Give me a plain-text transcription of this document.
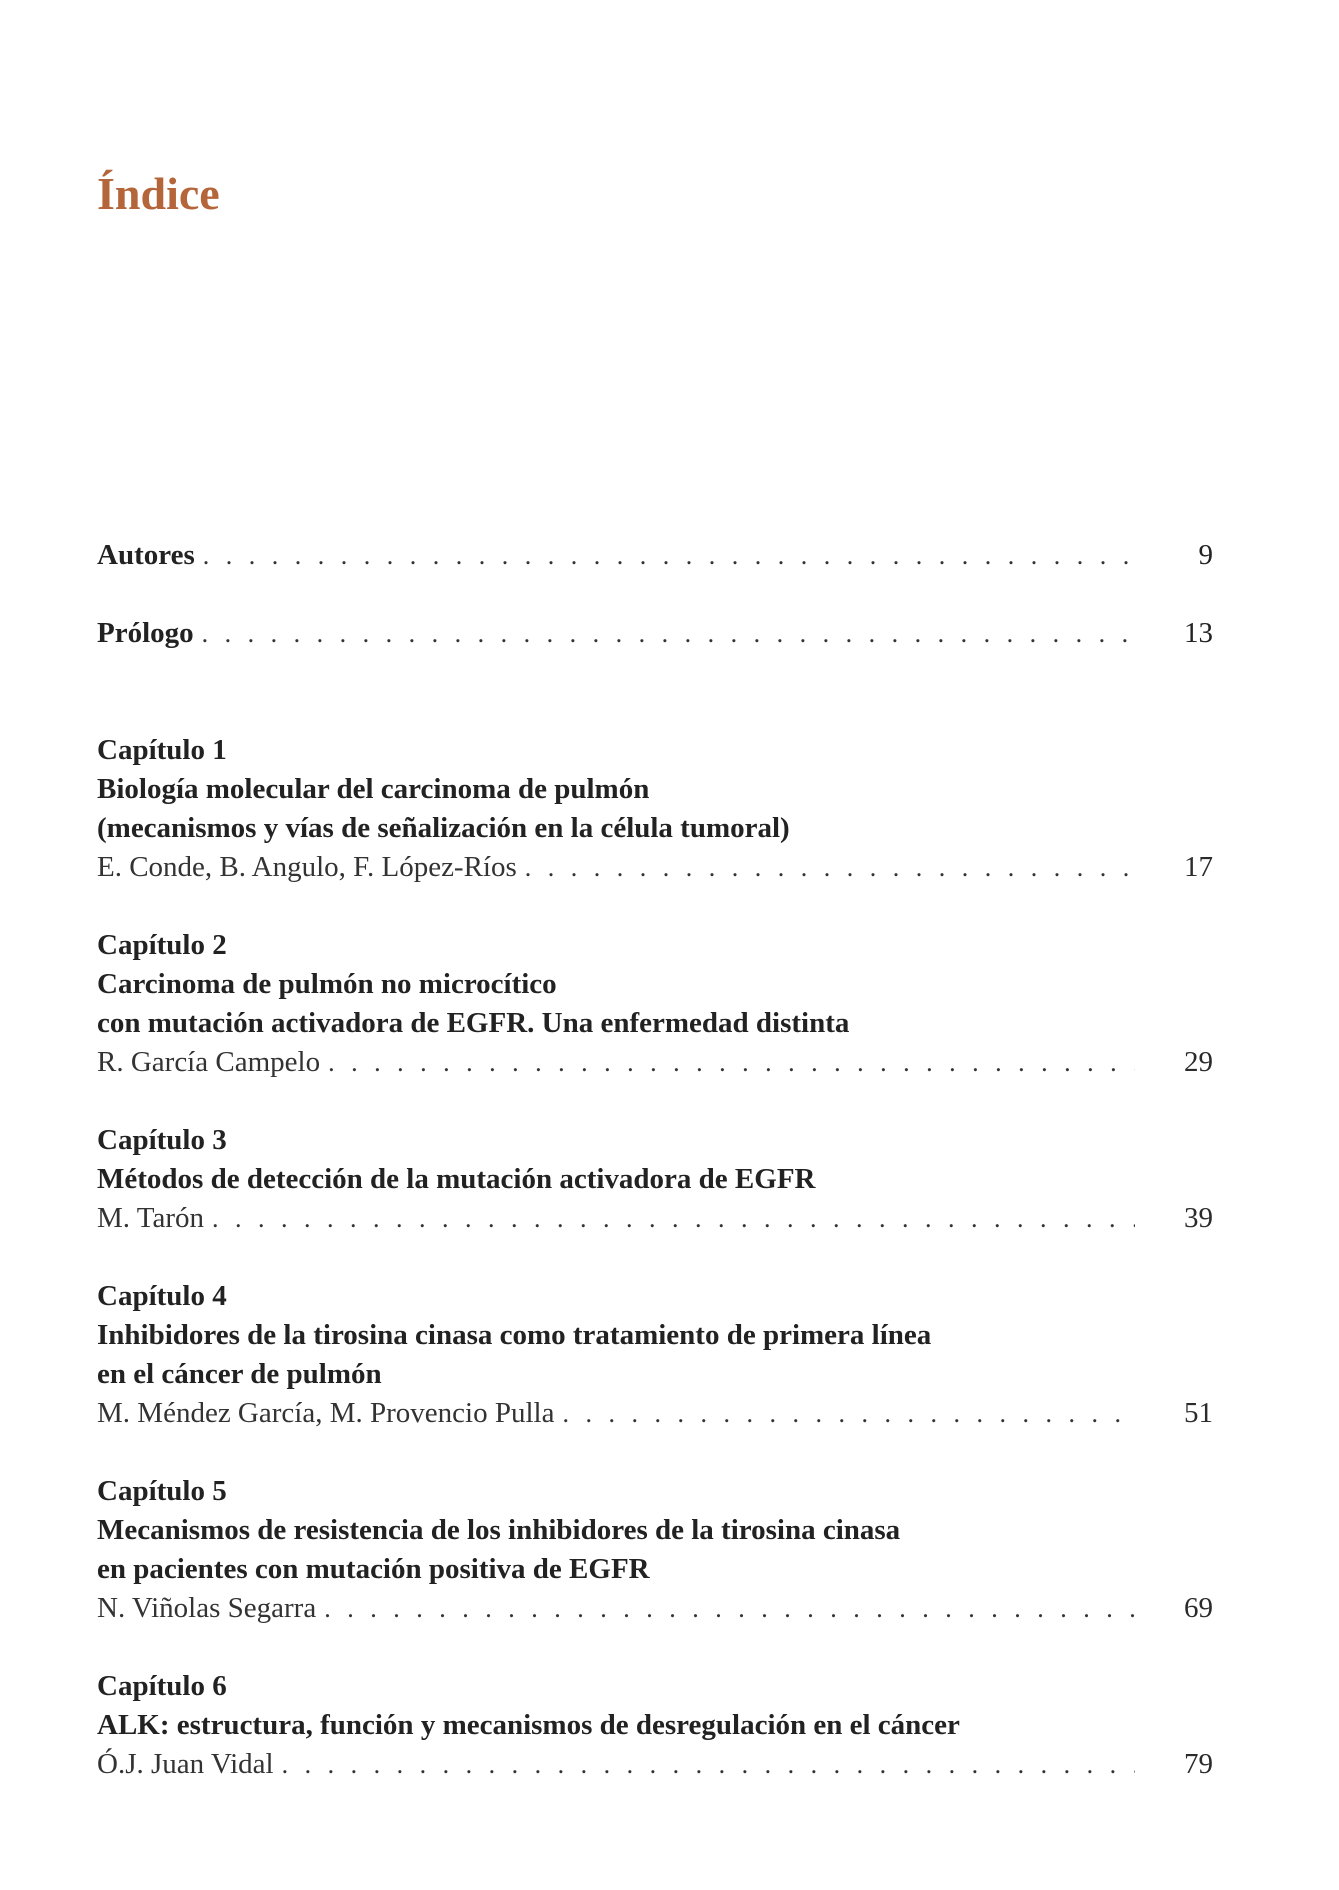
Índice
Autores . . .	9
Prólogo . . .	13
Capítulo 1
Biología molecular del carcinoma de pulmón
(mecanismos y vías de señalización en la célula tumoral)
E. Conde, B. Angulo, F. López-Ríos . . .	17
Capítulo 2
Carcinoma de pulmón no microcítico
con mutación activadora de EGFR. Una enfermedad distinta
R. García Campelo . . .	29
Capítulo 3
Métodos de detección de la mutación activadora de EGFR
M. Tarón . . .	39
Capítulo 4
Inhibidores de la tirosina cinasa como tratamiento de primera línea
en el cáncer de pulmón
M. Méndez García, M. Provencio Pulla . . .	51
Capítulo 5
Mecanismos de resistencia de los inhibidores de la tirosina cinasa
en pacientes con mutación positiva de EGFR
N. Viñolas Segarra . . .	69
Capítulo 6
ALK: estructura, función y mecanismos de desregulación en el cáncer
Ó.J. Juan Vidal . . .	79
